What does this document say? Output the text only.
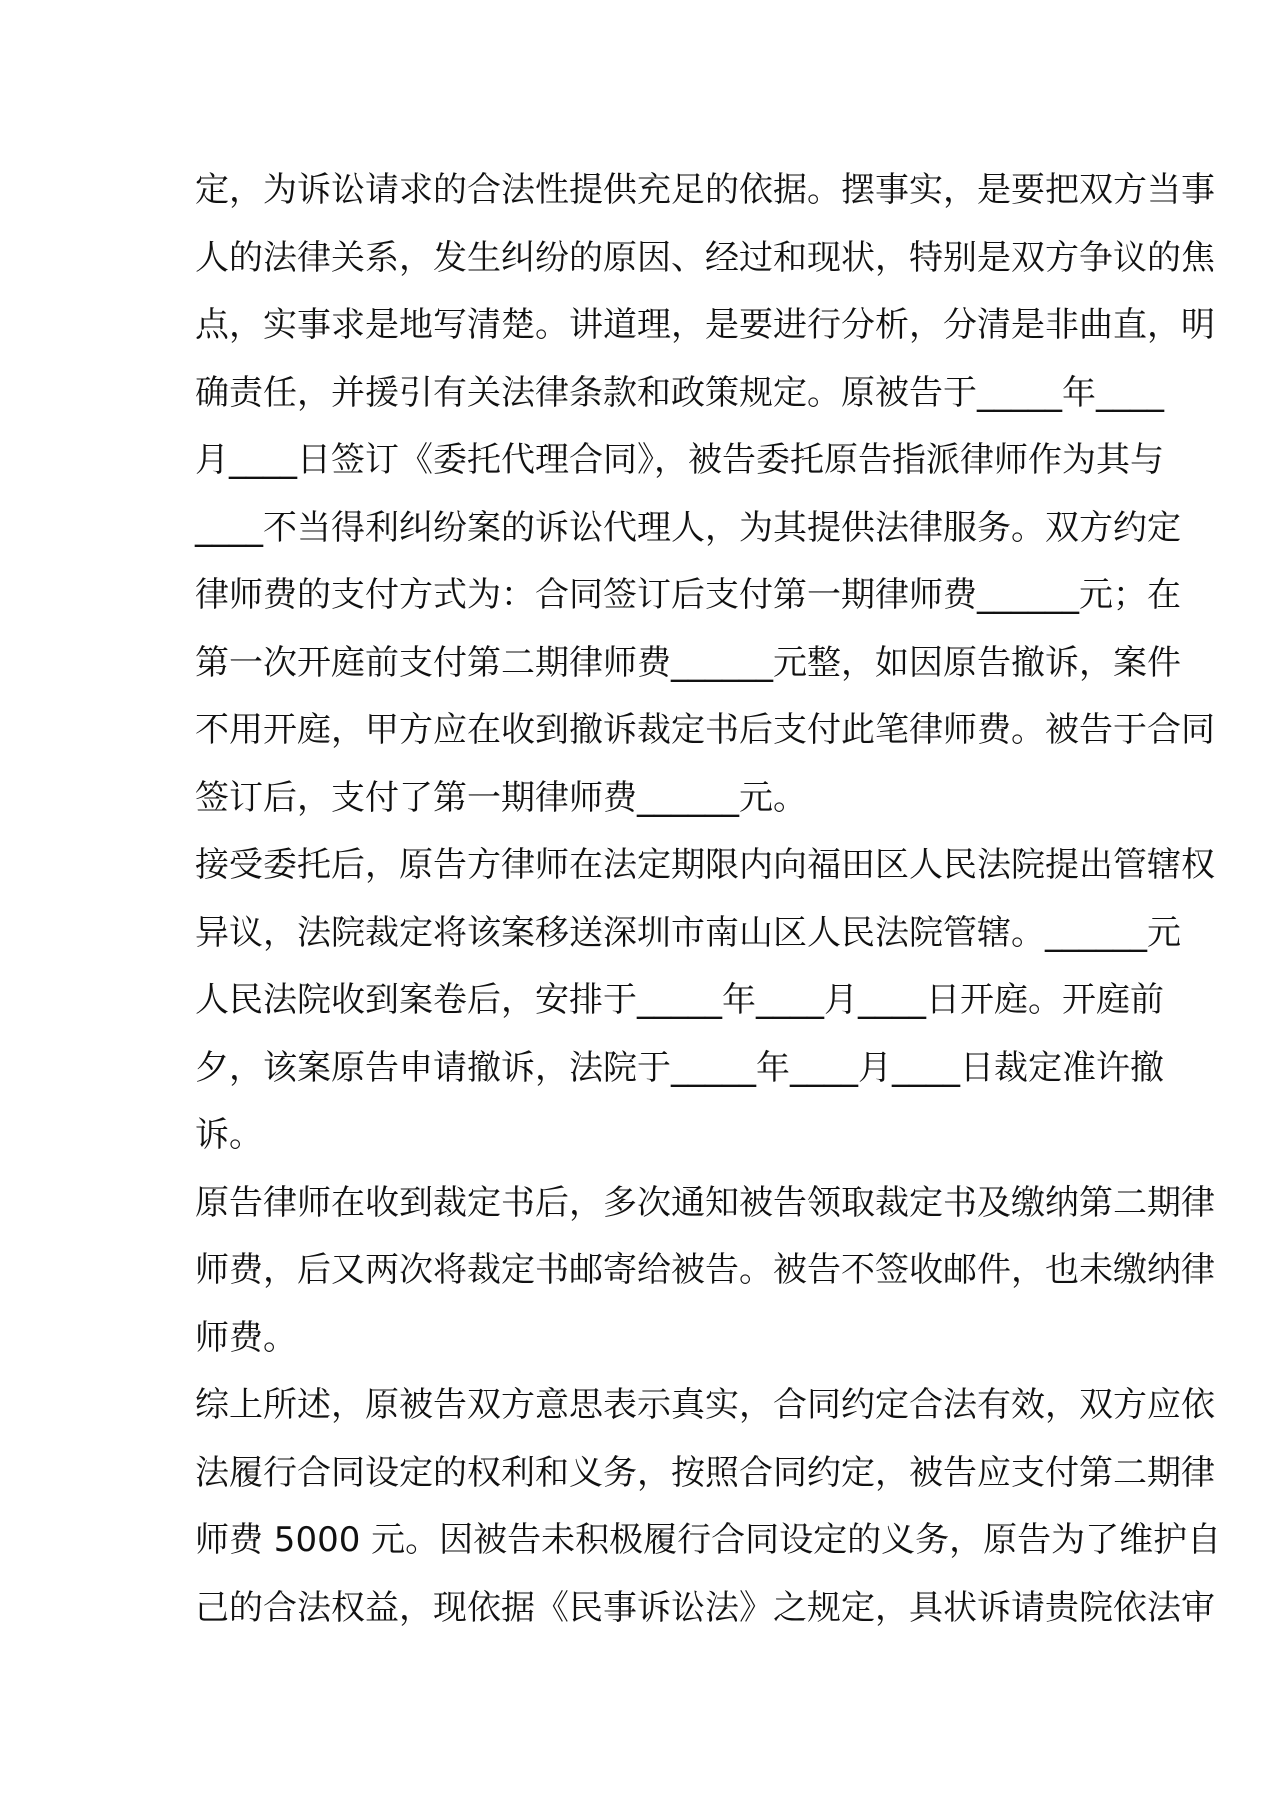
定，为诉讼请求的合法性提供充足的依据。摆事实，是要把双方当事
人的法律关系，发生纠纷的原因、经过和现状，特别是双方争议的焦
点，实事求是地写清楚。讲道理，是要进行分析，分清是非曲直，明
确责任，并援引有关法律条款和政策规定。原被告于_____年____
月____日签订《委托代理合同》，被告委托原告指派律师作为其与
____不当得利纠纷案的诉讼代理人，为其提供法律服务。双方约定
律师费的支付方式为：合同签订后支付第一期律师费______元；在
第一次开庭前支付第二期律师费______元整，如因原告撤诉，案件
不用开庭，甲方应在收到撤诉裁定书后支付此笔律师费。被告于合同
签订后，支付了第一期律师费______元。
接受委托后，原告方律师在法定期限内向福田区人民法院提出管辖权
异议，法院裁定将该案移送深圳市南山区人民法院管辖。______元
人民法院收到案卷后，安排于_____年____月____日开庭。开庭前
夕，该案原告申请撤诉，法院于_____年____月____日裁定准许撤
诉。
原告律师在收到裁定书后，多次通知被告领取裁定书及缴纳第二期律
师费，后又两次将裁定书邮寄给被告。被告不签收邮件，也未缴纳律
师费。
综上所述，原被告双方意思表示真实，合同约定合法有效，双方应依
法履行合同设定的权利和义务，按照合同约定，被告应支付第二期律
师费 5000 元。因被告未积极履行合同设定的义务，原告为了维护自
己的合法权益，现依据《民事诉讼法》之规定，具状诉请贵院依法审
